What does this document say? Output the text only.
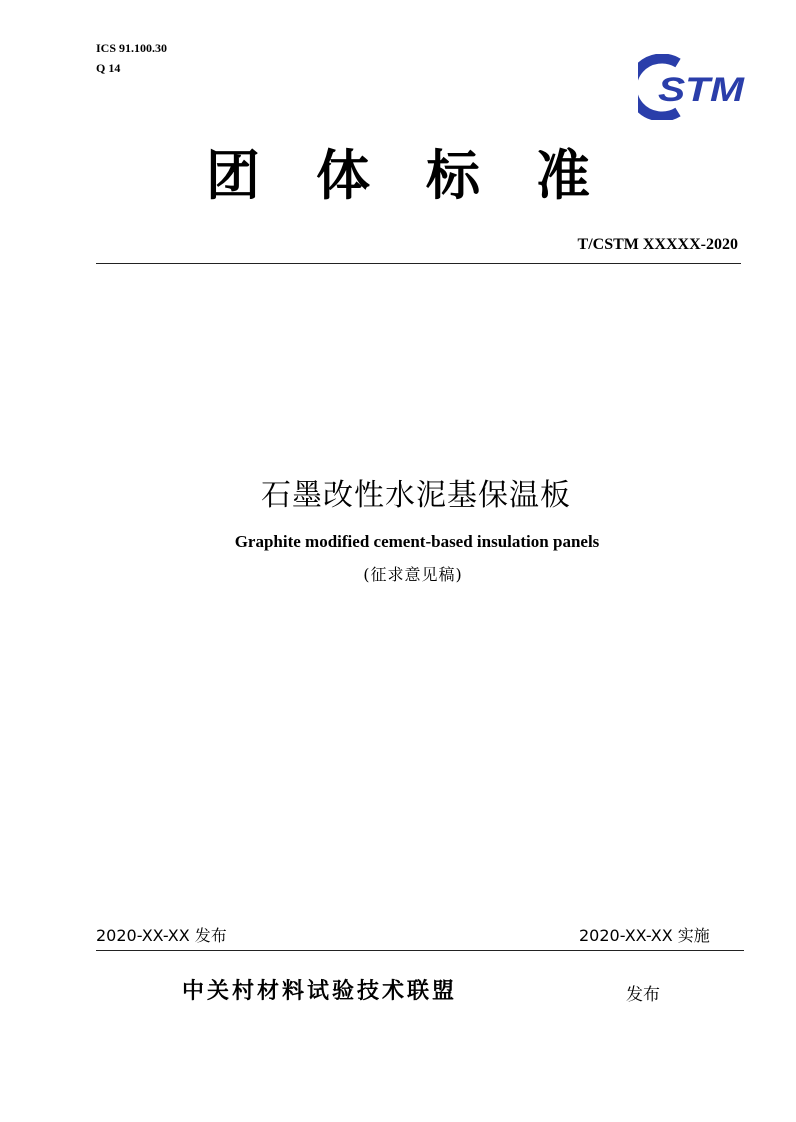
ICS 91.100.30
Q 14
STM
团体标准
T/CSTM XXXXX-2020
石墨改性水泥基保温板
Graphite modified cement-based insulation panels
(征求意见稿)
2020-XX-XX 发布	2020-XX-XX 实施
中关村材料试验技术联盟	发布
